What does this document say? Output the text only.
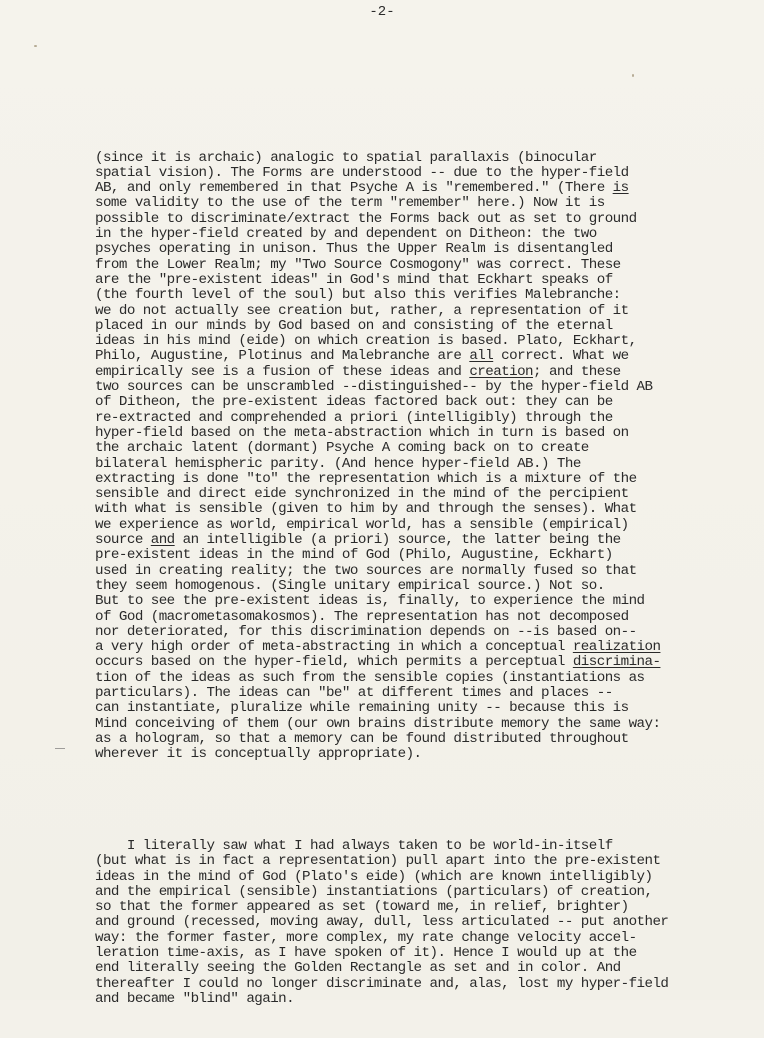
-2-

(since it is archaic) analogic to spatial parallaxis (binocular
spatial vision). The Forms are understood -- due to the hyper-field
AB, and only remembered in that Psyche A is "remembered." (There is
some validity to the use of the term "remember" here.) Now it is
possible to discriminate/extract the Forms back out as set to ground
in the hyper-field created by and dependent on Ditheon: the two
psyches operating in unison. Thus the Upper Realm is disentangled
from the Lower Realm; my "Two Source Cosmogony" was correct. These
are the "pre-existent ideas" in God's mind that Eckhart speaks of
(the fourth level of the soul) but also this verifies Malebranche:
we do not actually see creation but, rather, a representation of it
placed in our minds by God based on and consisting of the eternal
ideas in his mind (eide) on which creation is based. Plato, Eckhart,
Philo, Augustine, Plotinus and Malebranche are all correct. What we
empirically see is a fusion of these ideas and creation; and these
two sources can be unscrambled --distinguished-- by the hyper-field AB
of Ditheon, the pre-existent ideas factored back out: they can be
re-extracted and comprehended a priori (intelligibly) through the
hyper-field based on the meta-abstraction which in turn is based on
the archaic latent (dormant) Psyche A coming back on to create
bilateral hemispheric parity. (And hence hyper-field AB.) The
extracting is done "to" the representation which is a mixture of the
sensible and direct eide synchronized in the mind of the percipient
with what is sensible (given to him by and through the senses). What
we experience as world, empirical world, has a sensible (empirical)
source and an intelligible (a priori) source, the latter being the
pre-existent ideas in the mind of God (Philo, Augustine, Eckhart)
used in creating reality; the two sources are normally fused so that
they seem homogenous. (Single unitary empirical source.) Not so.
But to see the pre-existent ideas is, finally, to experience the mind
of God (macrometasomakosmos). The representation has not decomposed
nor deteriorated, for this discrimination depends on --is based on--
a very high order of meta-abstracting in which a conceptual realization
occurs based on the hyper-field, which permits a perceptual discrimina-
tion of the ideas as such from the sensible copies (instantiations as
particulars). The ideas can "be" at different times and places --
can instantiate, pluralize while remaining unity -- because this is
Mind conceiving of them (our own brains distribute memory the same way:
as a hologram, so that a memory can be found distributed throughout
wherever it is conceptually appropriate).

I literally saw what I had always taken to be world-in-itself
(but what is in fact a representation) pull apart into the pre-existent
ideas in the mind of God (Plato's eide) (which are known intelligibly)
and the empirical (sensible) instantiations (particulars) of creation,
so that the former appeared as set (toward me, in relief, brighter)
and ground (recessed, moving away, dull, less articulated -- put another
way: the former faster, more complex, my rate change velocity accel-
leration time-axis, as I have spoken of it). Hence I would up at the
end literally seeing the Golden Rectangle as set and in color. And
thereafter I could no longer discriminate and, alas, lost my hyper-field
and became "blind" again.
